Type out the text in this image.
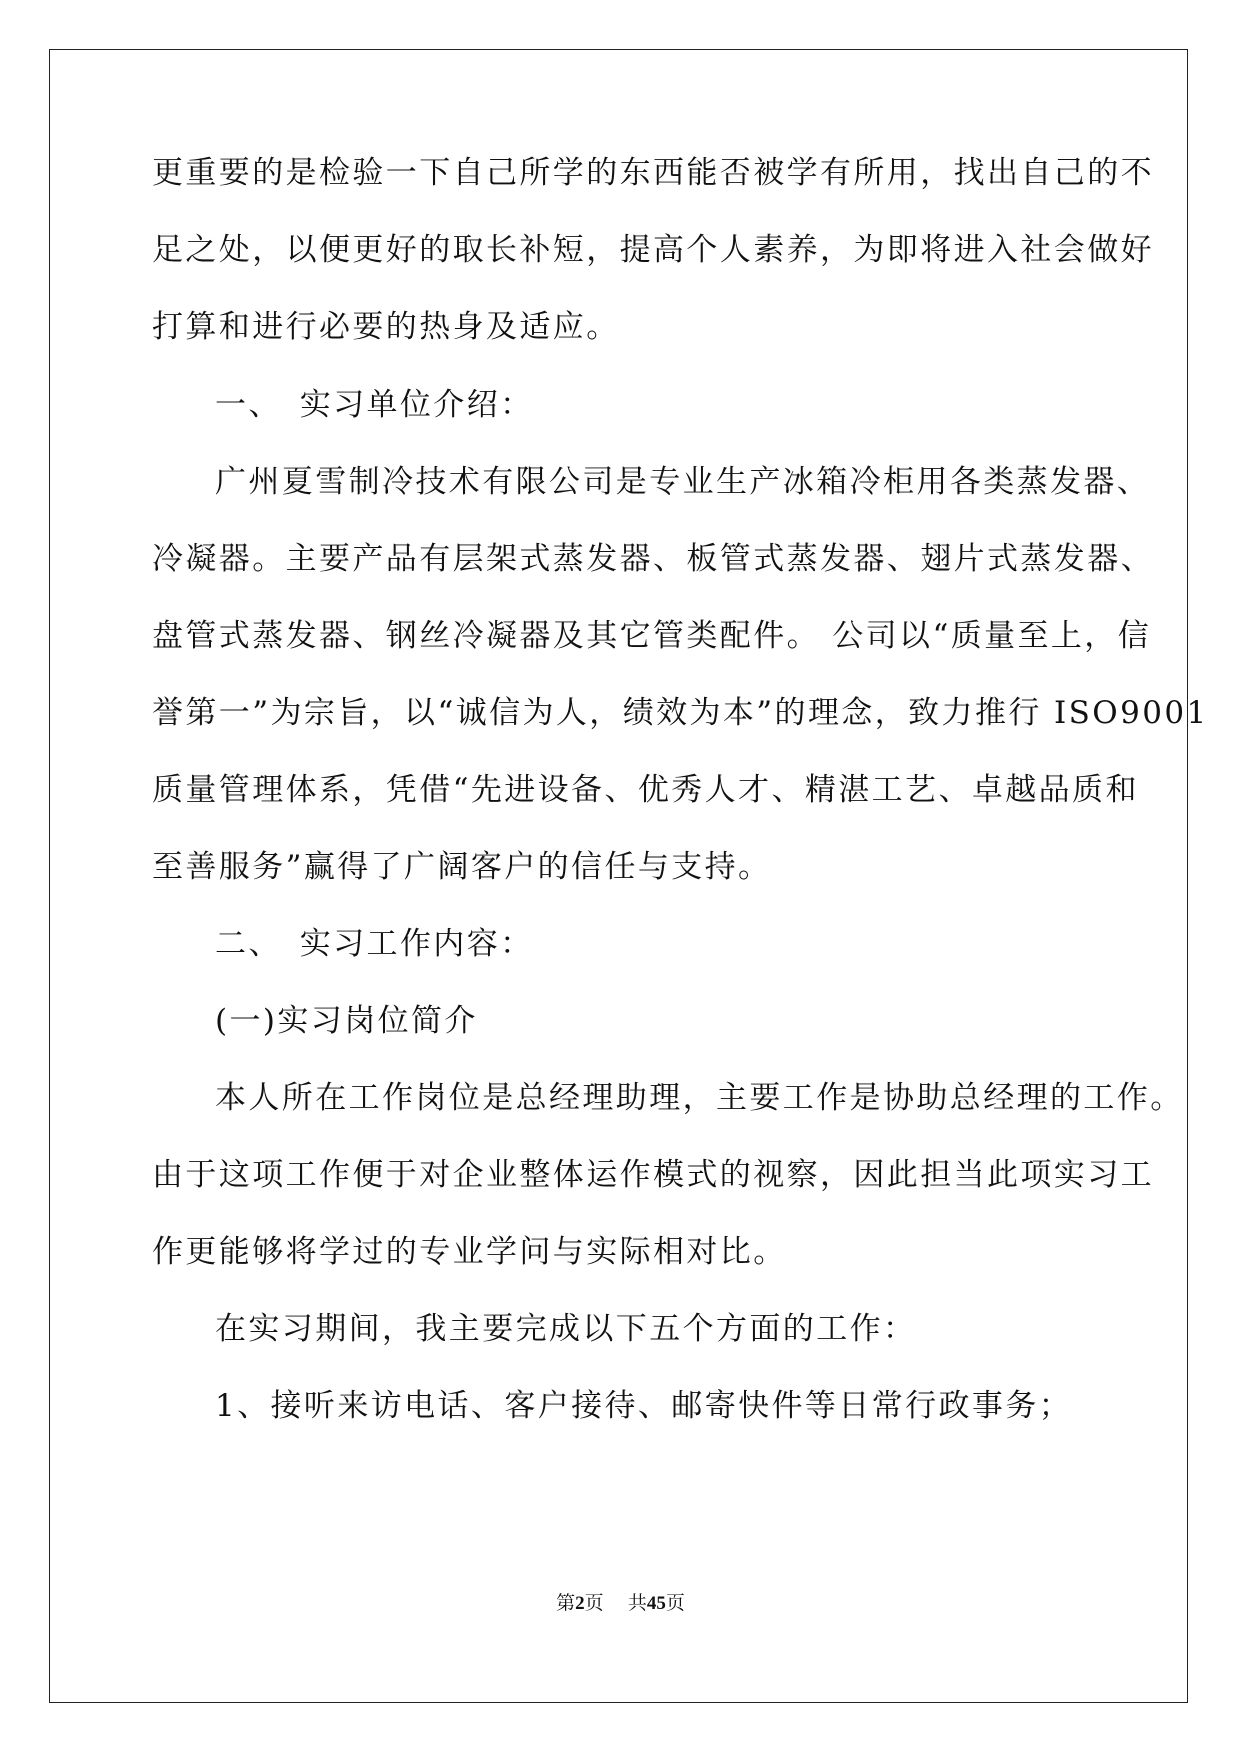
更重要的是检验一下自己所学的东西能否被学有所用，找出自己的不
足之处，以便更好的取长补短，提高个人素养，为即将进入社会做好
打算和进行必要的热身及适应。
一、　实习单位介绍：
广州夏雪制冷技术有限公司是专业生产冰箱冷柜用各类蒸发器、
冷凝器。主要产品有层架式蒸发器、板管式蒸发器、翅片式蒸发器、
盘管式蒸发器、钢丝冷凝器及其它管类配件。 公司以“质量至上，信
誉第一”为宗旨，以“诚信为人，绩效为本”的理念，致力推行 ISO9001
质量管理体系，凭借“先进设备、优秀人才、精湛工艺、卓越品质和
至善服务”赢得了广阔客户的信任与支持。
二、　实习工作内容：
(一)实习岗位简介
本人所在工作岗位是总经理助理，主要工作是协助总经理的工作。
由于这项工作便于对企业整体运作模式的视察，因此担当此项实习工
作更能够将学过的专业学问与实际相对比。
在实习期间，我主要完成以下五个方面的工作：
1、接听来访电话、客户接待、邮寄快件等日常行政事务；
第2页 共45页
